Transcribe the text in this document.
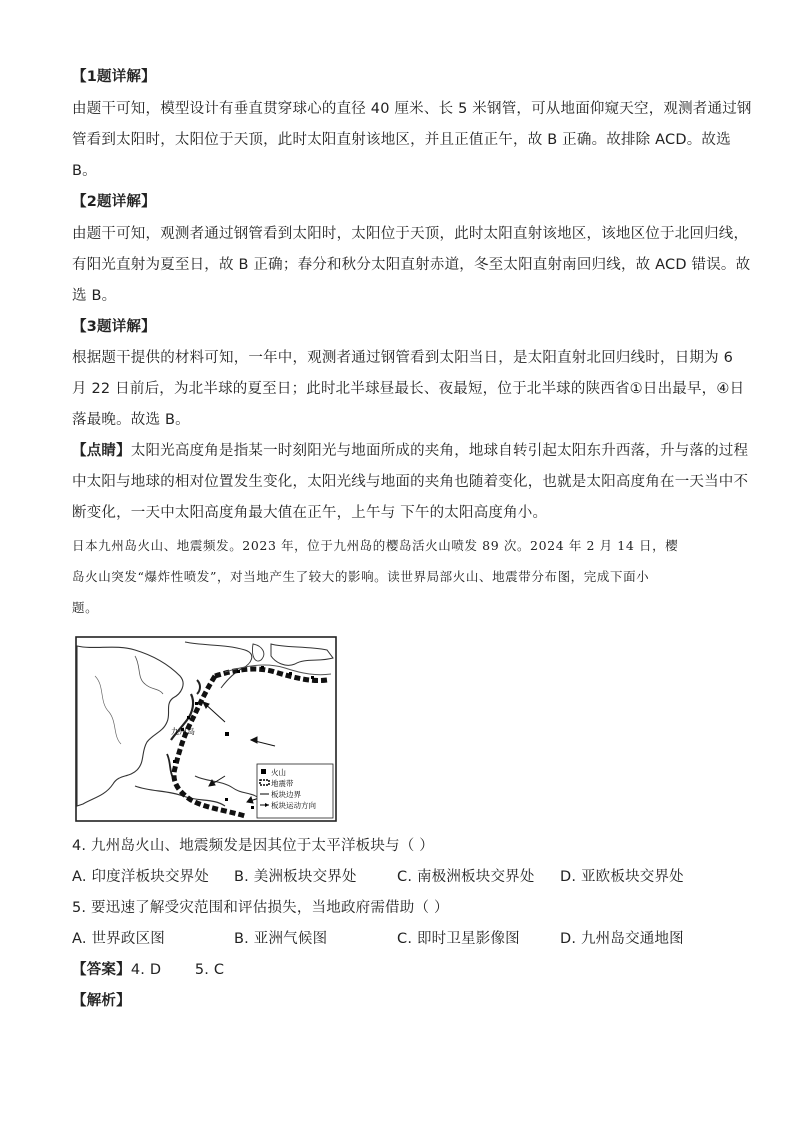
【1题详解】
由题干可知，模型设计有垂直贯穿球心的直径 40 厘米、长 5 米钢管，可从地面仰窥天空，观测者通过钢
管看到太阳时，太阳位于天顶，此时太阳直射该地区，并且正值正午，故 B 正确。故排除 ACD。故选
B。
【2题详解】
由题干可知，观测者通过钢管看到太阳时，太阳位于天顶，此时太阳直射该地区，该地区位于北回归线，
有阳光直射为夏至日，故 B 正确；春分和秋分太阳直射赤道，冬至太阳直射南回归线，故 ACD 错误。故
选 B。
【3题详解】
根据题干提供的材料可知，一年中，观测者通过钢管看到太阳当日，是太阳直射北回归线时，日期为 6
月 22 日前后，为北半球的夏至日；此时北半球昼最长、夜最短，位于北半球的陕西省①日出最早，④日
落最晚。故选 B。
【点睛】太阳光高度角是指某一时刻阳光与地面所成的夹角，地球自转引起太阳东升西落，升与落的过程
中太阳与地球的相对位置发生变化，太阳光线与地面的夹角也随着变化，也就是太阳高度角在一天当中不
断变化，一天中太阳高度角最大值在正午，上午与 下午的太阳高度角小。
日本九州岛火山、地震频发。2023 年，位于九州岛的樱岛活火山喷发 89 次。2024 年 2 月 14 日，樱
岛火山突发“爆炸性喷发”，对当地产生了较大的影响。读世界局部火山、地震带分布图，完成下面小
题。
九州岛
火山
地震带
板块边界
板块运动方向
4. 九州岛火山、地震频发是因其位于太平洋板块与（ ）
A. 印度洋板块交界处 B. 美洲板块交界处	C. 南极洲板块交界处 D. 亚欧板块交界处
5. 要迅速了解受灾范围和评估损失，当地政府需借助（ ）
A. 世界政区图	B. 亚洲气候图	C. 即时卫星影像图	D. 九州岛交通地图
【答案】4. D       5. C
【解析】
